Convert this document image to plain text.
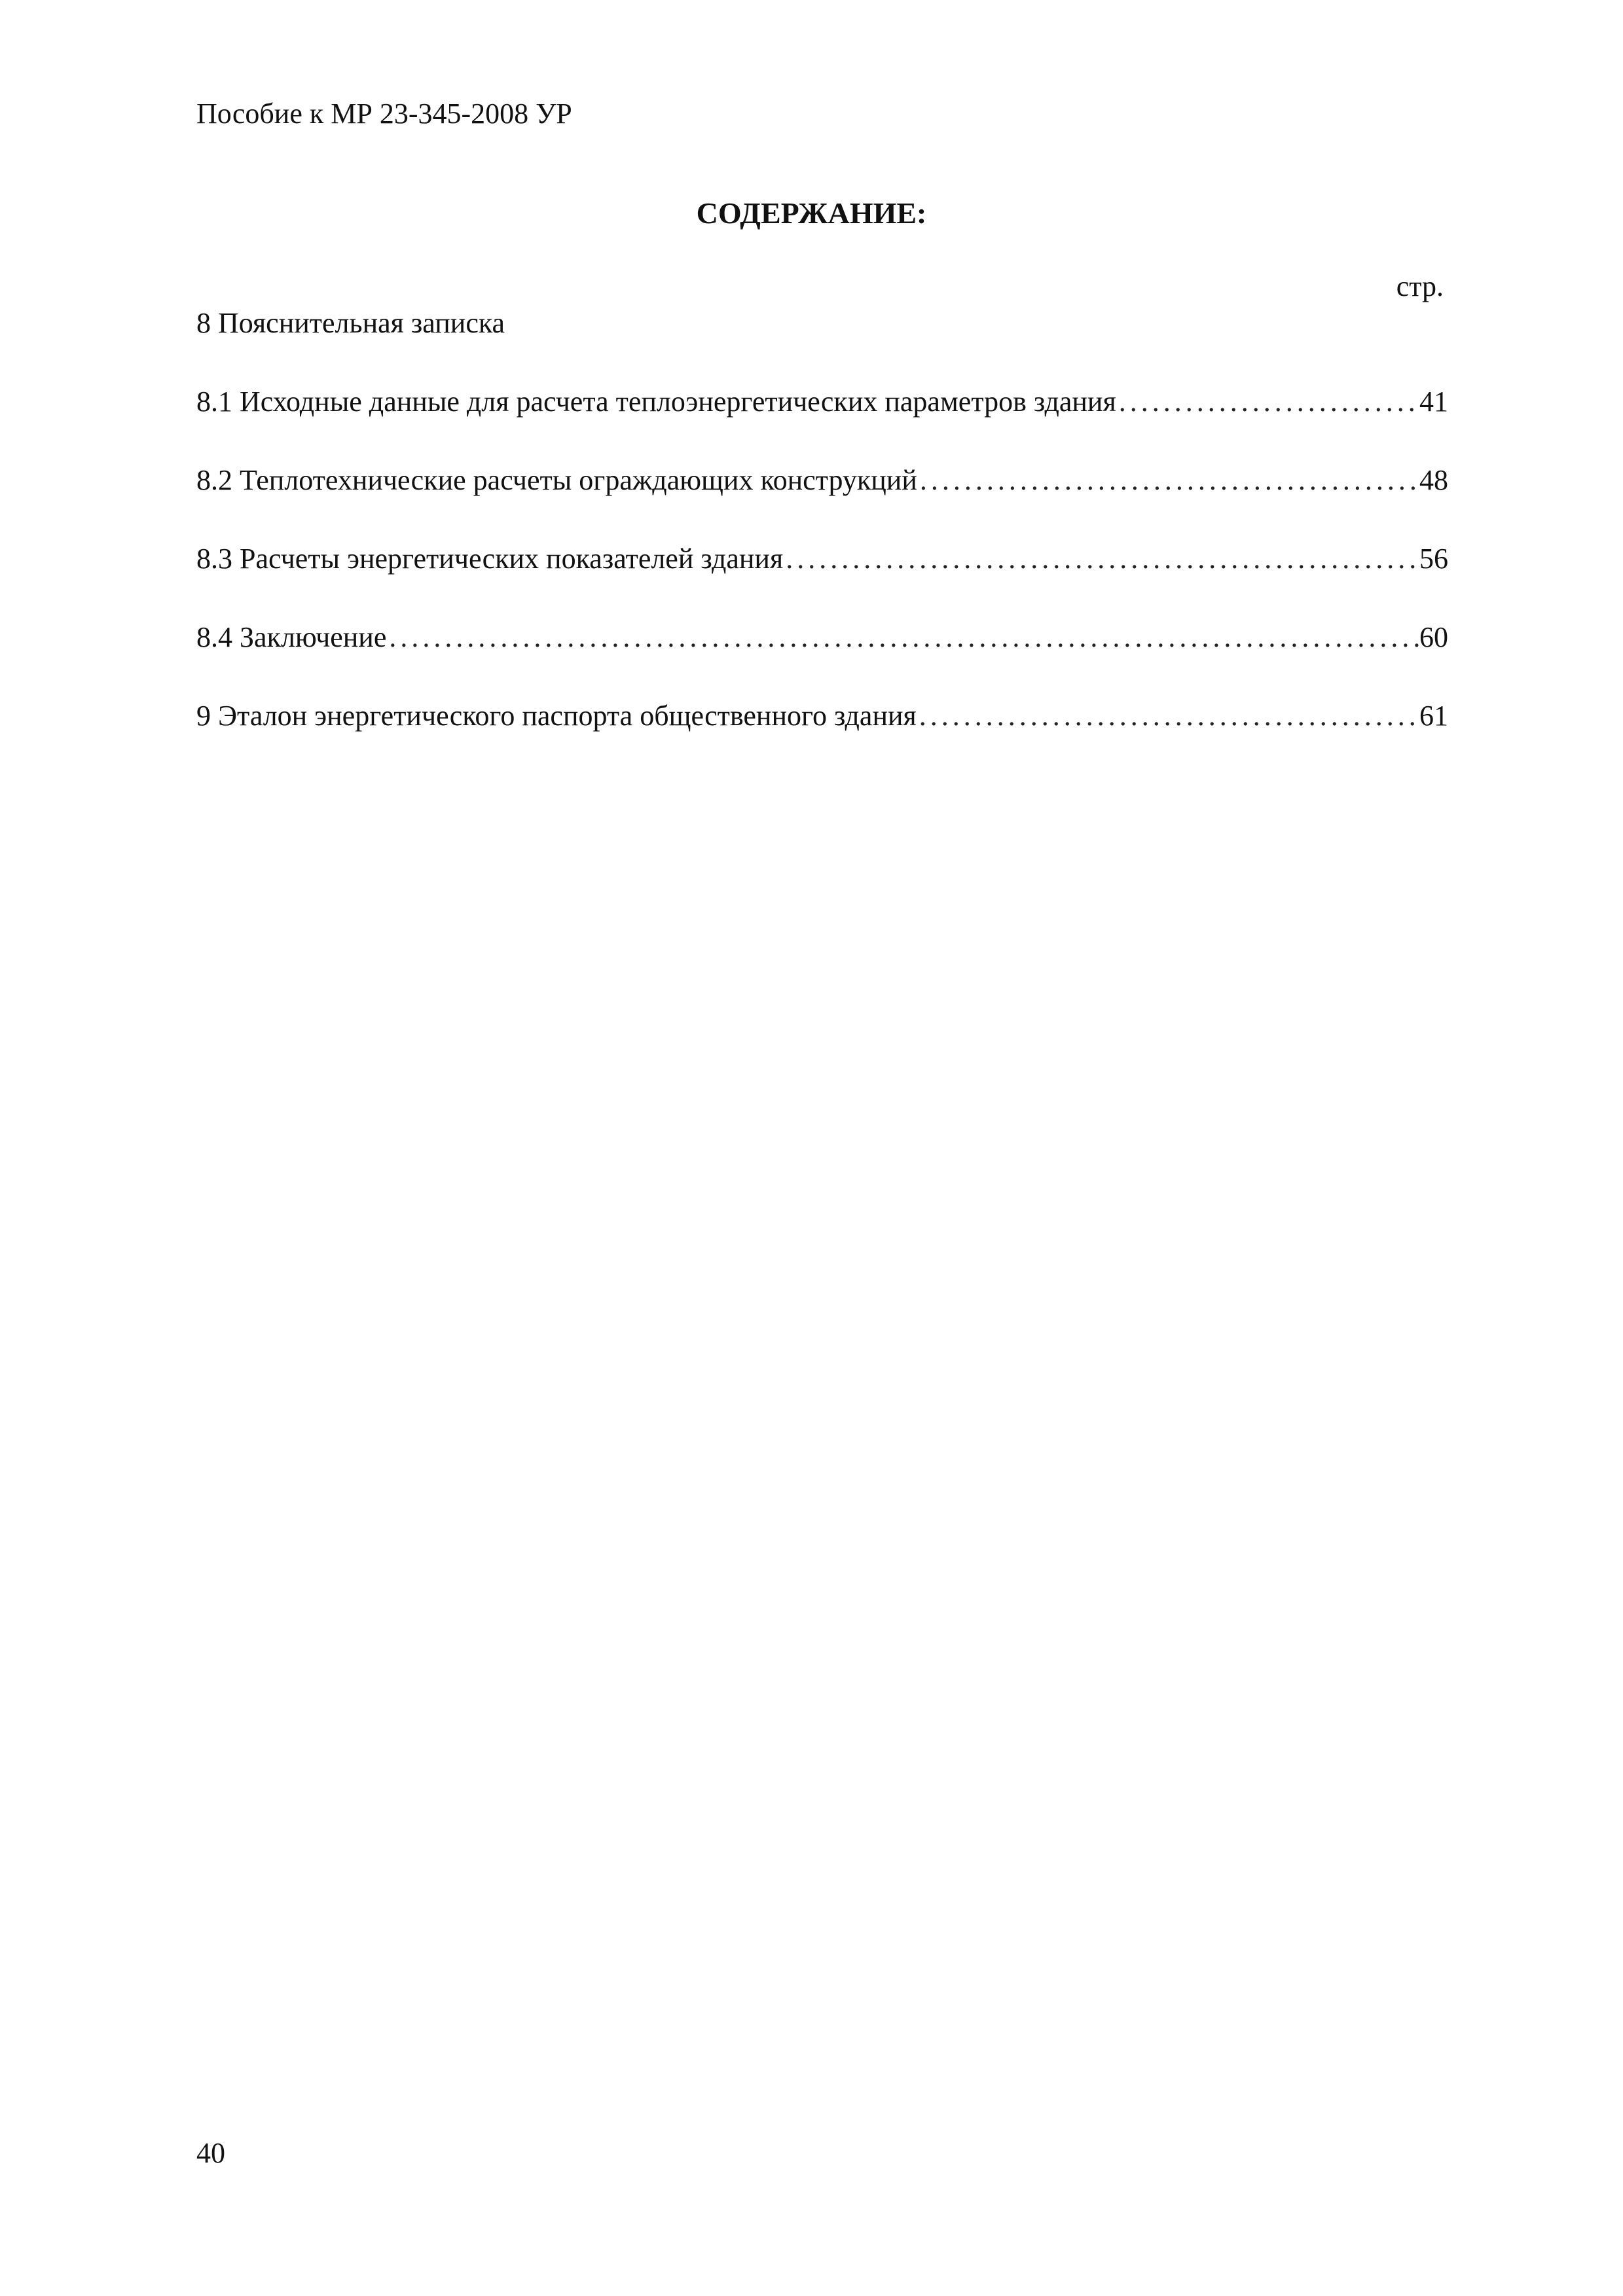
Пособие к МР 23-345-2008 УР
СОДЕРЖАНИЕ:
стр.
8 Пояснительная записка
8.1 Исходные данные для расчета теплоэнергетических параметров здания .....	41
8.2 Теплотехнические расчеты ограждающих конструкций .....	48
8.3 Расчеты энергетических показателей здания .....	56
8.4 Заключение .....	60
9 Эталон энергетического паспорта общественного здания .....	61
40
